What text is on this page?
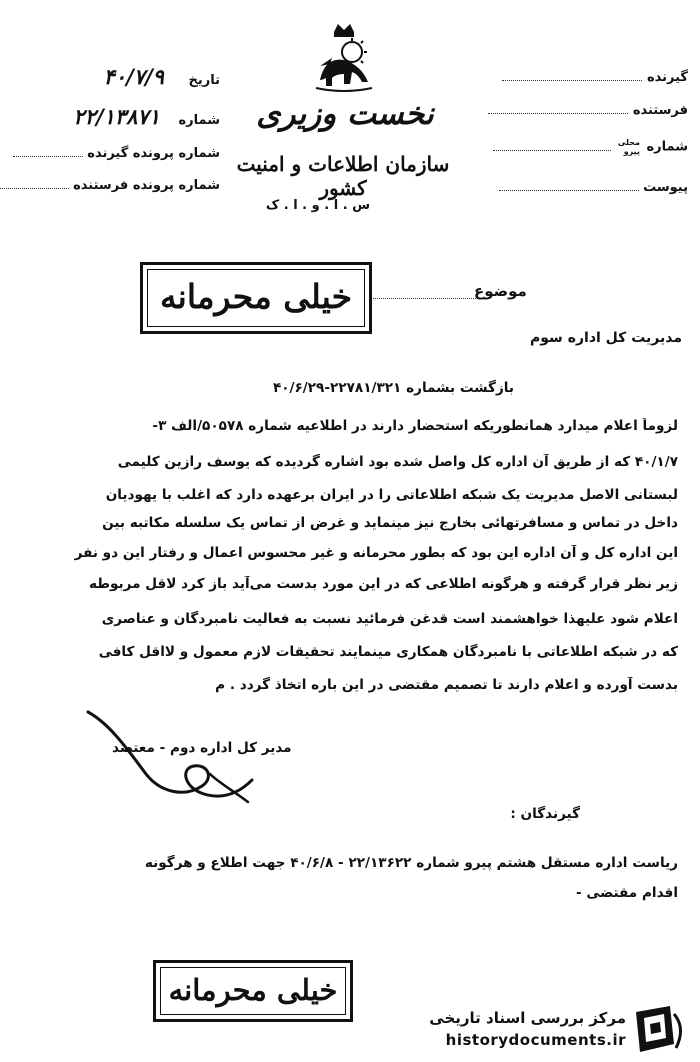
نخست وزیری
سازمان اطلاعات و امنیت کشور
س . ا . و . ا . ک
تاریخ ۴۰/۷/۹
شماره ۲۲/۱۳۸۷۱
شماره پرونده گیرنده
شماره پرونده فرستنده
گیرنده
فرستنده
شماره محلی
پیرو
پیوست
موضوع
خیلی محرمانه
مدیریت کل اداره سوم
بازگشت بشماره ۲۲۷۸۱/۳۲۱-۴۰/۶/۲۹
لزوماً اعلام میدارد همانطوریکه استحضار دارند در اطلاعیه شماره ۵۰۵۷۸/الف ۳-
۴۰/۱/۷ که از طریق آن اداره کل واصل شده بود اشاره گردیده که یوسف رازین کلیمی
لبستانی الاصل مدیریت یک شبکه اطلاعاتی را در ایران برعهده دارد که اغلب با یهودیان
داخل در تماس و مسافرتهائی بخارج نیز مینماید و غرض از تماس یک سلسله مکاتبه بین
این اداره کل و آن اداره این بود که بطور محرمانه و غیر محسوس اعمال و رفتار این دو نفر
زیر نظر قرار گرفته و هرگونه اطلاعی که در این مورد بدست می‌آید باز کرد لاقل مربوطه
اعلام شود علیهذا خواهشمند است قدغن فرمائید نسبت به فعالیت نامبردگان و عناصری
که در شبکه اطلاعاتی با نامبردگان همکاری مینمایند تحقیقات لازم معمول و لااقل کافی
بدست آورده و اعلام دارند تا تصمیم مقتضی در این باره اتخاذ گردد . م
مدیر کل اداره دوم - معتضد
گیرندگان :
ریاست اداره مستقل هشتم پیرو شماره ۲۲/۱۳۶۲۲ - ۴۰/۶/۸ جهت اطلاع و هرگونه
اقدام مقتضی -
خیلی محرمانه
مرکز بررسی اسناد تاریخی
historydocuments.ir
